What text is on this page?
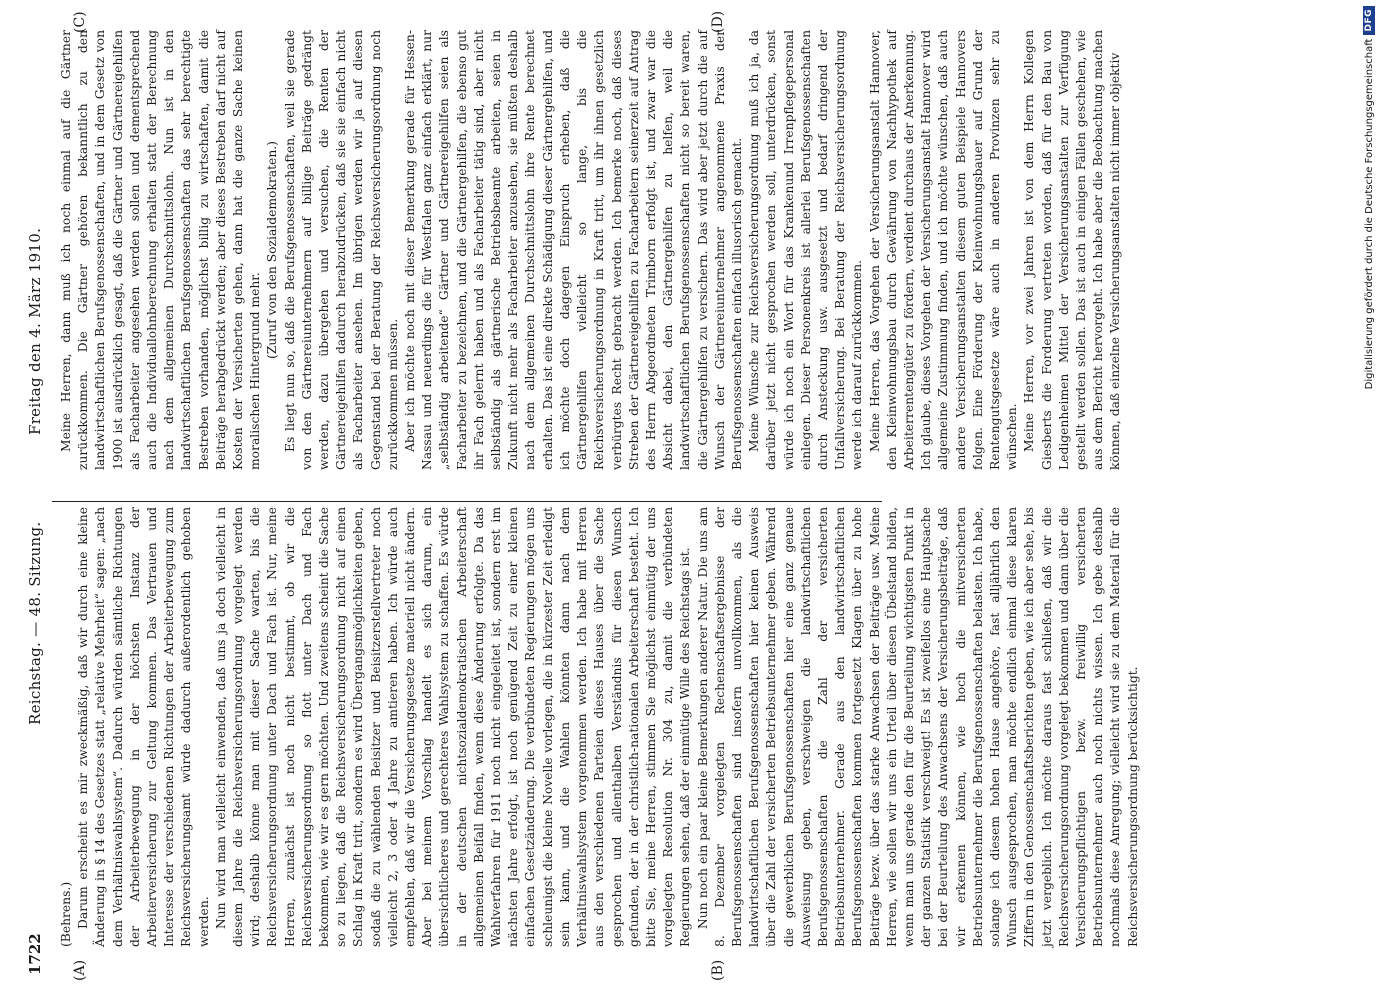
1722
Reichstag. — 48. Sitzung.
Freitag den 4. März 1910.
(A)	(B)
(C)	(D)

(Behrens.) Darum erscheint es mir zweckmäßig, daß wir durch eine kleine Änderung in § 14 des Gesetzes statt „relative Mehrheit“ sagen: „nach dem Verhältniswahlsystem“. Dadurch würden sämtliche Richtungen der Arbeiterbewegung in der höchsten Instanz der Arbeiterversicherung zur Geltung kommen. Das Vertrauen und Interesse der verschiedenen Richtungen der Arbeiterbewegung zum Reichsversicherungsamt würde dadurch außerordentlich gehoben werden. Nun wird man vielleicht einwenden, daß uns ja doch vielleicht in diesem Jahre die Reichsversicherungsordnung vorgelegt werden wird; deshalb könne man mit dieser Sache warten, bis die Reichsversicherungsordnung unter Dach und Fach ist. Nur, meine Herren, zunächst ist noch nicht bestimmt, ob wir die Reichsversicherungsordnung so flott unter Dach und Fach bekommen, wie wir es gern möchten. Und zweitens scheint die Sache so zu liegen, daß die Reichsversicherungsordnung nicht auf einen Schlag in Kraft tritt, sondern es wird Übergangsmöglichkeiten geben, sodaß die zu wählenden Beisitzer und Beisitzerstellvertreter noch vielleicht 2, 3 oder 4 Jahre zu amtieren haben. Ich würde auch empfehlen, daß wir die Versicherungsgesetze materiell nicht ändern. Aber bei meinem Vorschlag handelt es sich darum, ein übersichtlicheres und gerechteres Wahlsystem zu schaffen. Es würde in der deutschen nichtsozialdemokratischen Arbeiterschaft allgemeinen Beifall finden, wenn diese Änderung erfolgte. Da das Wahlverfahren für 1911 noch nicht eingeleitet ist, sondern erst im nächsten Jahre erfolgt, ist noch genügend Zeit zu einer kleinen einfachen Gesetzänderung. Die verbündeten Regierungen mögen uns schleunigst die kleine Novelle vorlegen, die in kürzester Zeit erledigt sein kann, und die Wahlen könnten dann nach dem Verhältniswahlsystem vorgenommen werden. Ich habe mit Herren aus den verschiedenen Parteien dieses Hauses über die Sache gesprochen und allenthalben Verständnis für diesen Wunsch gefunden, der in der christlich-nationalen Arbeiterschaft besteht. Ich bitte Sie, meine Herren, stimmen Sie möglichst einmütig der uns vorgelegten Resolution Nr. 304 zu, damit die verbündeten Regierungen sehen, daß der einmütige Wille des Reichstags ist. Nun noch ein paar kleine Bemerkungen anderer Natur. Die uns am 8. Dezember vorgelegten Rechenschaftsergebnisse der Berufsgenossenschaften sind insofern unvollkommen, als die landwirtschaftlichen Berufsgenossenschaften hier keinen Ausweis über die Zahl der versicherten Betriebsunternehmer geben. Während die gewerblichen Berufsgenossenschaften hier eine ganz genaue Ausweisung geben, verschweigen die landwirtschaftlichen Berufsgenossenschaften die Zahl der versicherten Betriebsunternehmer. Gerade aus den landwirtschaftlichen Berufsgenossenschaften kommen fortgesetzt Klagen über zu hohe Beiträge bezw. über das starke Anwachsen der Beiträge usw. Meine Herren, wie sollen wir uns ein Urteil über diesen Übelstand bilden, wenn man uns gerade den für die Beurteilung wichtigsten Punkt in der ganzen Statistik verschweigt! Es ist zweifellos eine Hauptsache bei der Beurteilung des Anwachsens der Versicherungsbeiträge, daß wir erkennen können, wie hoch die mitversicherten Betriebsunternehmer die Berufsgenossenschaften belasten. Ich habe, solange ich diesem hohen Hause angehöre, fast alljährlich den Wunsch ausgesprochen, man möchte endlich einmal diese klaren Ziffern in den Genossenschaftsberichten geben, wie ich aber sehe, bis jetzt vergeblich. Ich möchte daraus fast schließen, daß wir die Reichsversicherungsordnung vorgelegt bekommen und dann über die Versicherungspflichtigen bezw. freiwillig versicherten Betriebsunternehmer auch noch nichts wissen. Ich gebe deshalb nochmals diese Anregung; vielleicht wird sie zu dem Material für die Reichsversicherungsordnung berücksichtigt.

Meine Herren, dann muß ich noch einmal auf die Gärtner zurückkommen. Die Gärtner gehören bekanntlich zu den landwirtschaftlichen Berufsgenossenschaften, und in dem Gesetz von 1900 ist ausdrücklich gesagt, daß die Gärtner und Gärtnereigehilfen als Facharbeiter angesehen werden sollen und dementsprechend auch die Individuallohnberechnung erhalten statt der Berechnung nach dem allgemeinen Durchschnittslohn. Nun ist in den landwirtschaftlichen Berufsgenossenschaften das sehr berechtigte Bestreben vorhanden, möglichst billig zu wirtschaften, damit die Beiträge herabgedrückt werden; aber dieses Bestreben darf nicht auf Kosten der Versicherten gehen, dann hat die ganze Sache keinen moralischen Hintergrund mehr.

(Zuruf von den Sozialdemokraten.) Es liegt nun so, daß die Berufsgenossenschaften, weil sie gerade von den Gärtnereiunternehmern auf billige Beiträge gedrängt werden, dazu übergehen und versuchen, die Renten der Gärtnereigehilfen dadurch herabzudrücken, daß sie sie einfach nicht als Facharbeiter ansehen. Im übrigen werden wir ja auf diesen Gegenstand bei der Beratung der Reichsversicherungsordnung noch zurückkommen müssen. Aber ich möchte noch mit dieser Bemerkung gerade für Hessen-Nassau und neuerdings die für Westfalen ganz einfach erklärt, nur „selbständig arbeitende“ Gärtner und Gärtnereigehilfen seien als Facharbeiter zu bezeichnen, und die Gärtnergehilfen, die ebenso gut ihr Fach gelernt haben und als Facharbeiter tätig sind, aber nicht selbständig als gärtnerische Betriebsbeamte arbeiten, seien in Zukunft nicht mehr als Facharbeiter anzusehen, sie müßten deshalb nach dem allgemeinen Durchschnittslohn ihre Rente berechnet erhalten. Das ist eine direkte Schädigung dieser Gärtnergehilfen, und ich möchte doch dagegen Einspruch erheben, daß die Gärtnergehilfen vielleicht so lange, bis die Reichsversicherungsordnung in Kraft tritt, um ihr ihnen gesetzlich verbürgtes Recht gebracht werden. Ich bemerke noch, daß dieses Streben der Gärtnereigehilfen zu Facharbeitern seinerzeit auf Antrag des Herrn Abgeordneten Trimborn erfolgt ist, und zwar war die Absicht dabei, den Gärtnergehilfen zu helfen, weil die landwirtschaftlichen Berufsgenossenschaften nicht so bereit waren, die Gärtnergehilfen zu versichern. Das wird aber jetzt durch die auf Wunsch der Gärtnereiunternehmer angenommene Praxis der Berufsgenossenschaften einfach illusorisch gemacht. Meine Wünsche zur Reichsversicherungsordnung muß ich ja, da darüber jetzt nicht gesprochen werden soll, unterdrücken, sonst würde ich noch ein Wort für das Krankenund Irrenpflegepersonal einlegen. Dieser Personenkreis ist allerlei Berufsgenossenschaften durch Ansteckung usw. ausgesetzt und bedarf dringend der Unfallversicherung. Bei Beratung der Reichsversicherungsordnung werde ich darauf zurückkommen. Meine Herren, das Vorgehen der Versicherungsanstalt Hannover, den Kleinwohnungsbau durch Gewährung von Nachhypothek auf Arbeiterrentengüter zu fördern, verdient durchaus der Anerkennung. Ich glaube, dieses Vorgehen der Versicherungsanstalt Hannover wird allgemeine Zustimmung finden, und ich möchte wünschen, daß auch andere Versicherungsanstalten diesem guten Beispiele Hannovers folgen. Eine Förderung der Kleinwohnungsbauer auf Grund der Rentengutsgesetze wäre auch in anderen Provinzen sehr zu wünschen. Meine Herren, vor zwei Jahren ist von dem Herrn Kollegen Giesberts die Forderung vertreten worden, daß für den Bau von Ledigenheimen Mittel der Versicherungsanstalten zur Verfügung gestellt werden sollen. Das ist auch in einigen Fällen geschehen, wie aus dem Bericht hervorgeht. Ich habe aber die Beobachtung machen können, daß einzelne Versicherungsanstalten nicht immer objektiv	Digitalisierung gefördert durch die Deutsche Forschungsgemeinschaft
DFG
